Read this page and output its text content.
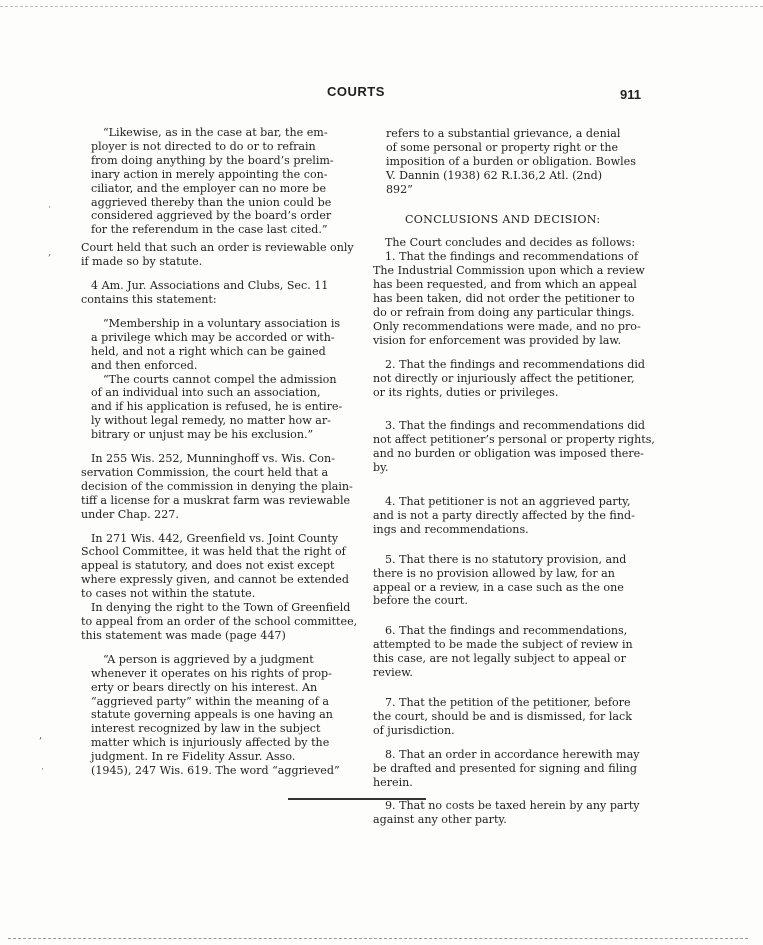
COURTS	911

“Likewise, as in the case at bar, the em-

ployer is not directed to do or to refrain

from doing anything by the board’s prelim-

inary action in merely appointing the con-

ciliator, and the employer can no more be

aggrieved thereby than the union could be

considered aggrieved by the board’s order

for the referendum in the case last cited.”

Court held that such an order is reviewable only

if made so by statute.

4 Am. Jur. Associations and Clubs, Sec. 11

contains this statement:

“Membership in a voluntary association is

a privilege which may be accorded or with-

held, and not a right which can be gained

and then enforced.

“The courts cannot compel the admission

of an individual into such an association,

and if his application is refused, he is entire-

ly without legal remedy, no matter how ar-

bitrary or unjust may be his exclusion.”

In 255 Wis. 252, Munninghoff vs. Wis. Con-

servation Commission, the court held that a

decision of the commission in denying the plain-

tiff a license for a muskrat farm was reviewable

under Chap. 227.

In 271 Wis. 442, Greenfield vs. Joint County

School Committee, it was held that the right of

appeal is statutory, and does not exist except

where expressly given, and cannot be extended

to cases not within the statute.

In denying the right to the Town of Greenfield

to appeal from an order of the school committee,

this statement was made (page 447)

“A person is aggrieved by a judgment

whenever it operates on his rights of prop-

erty or bears directly on his interest. An

“aggrieved party” within the meaning of a

statute governing appeals is one having an

interest recognized by law in the subject

matter which is injuriously affected by the

judgment. In re Fidelity Assur. Asso.

(1945), 247 Wis. 619. The word “aggrieved”

refers to a substantial grievance, a denial

of some personal or property right or the

imposition of a burden or obligation. Bowles

V. Dannin (1938) 62 R.I.36,2 Atl. (2nd)

892”

CONCLUSIONS AND DECISION:

The Court concludes and decides as follows:

1. That the findings and recommendations of

The Industrial Commission upon which a review

has been requested, and from which an appeal

has been taken, did not order the petitioner to

do or refrain from doing any particular things.

Only recommendations were made, and no pro-

vision for enforcement was provided by law.

2. That the findings and recommendations did

not directly or injuriously affect the petitioner,

or its rights, duties or privileges.

3. That the findings and recommendations did

not affect petitioner’s personal or property rights,

and no burden or obligation was imposed there-

by.

4. That petitioner is not an aggrieved party,

and is not a party directly affected by the find-

ings and recommendations.

5. That there is no statutory provision, and

there is no provision allowed by law, for an

appeal or a review, in a case such as the one

before the court.

6. That the findings and recommendations,

attempted to be made the subject of review in

this case, are not legally subject to appeal or

review.

7. That the petition of the petitioner, before

the court, should be and is dismissed, for lack

of jurisdiction.

8. That an order in accordance herewith may

be drafted and presented for signing and filing

herein.

9. That no costs be taxed herein by any party

against any other party.

˙
‚
‚
˙
